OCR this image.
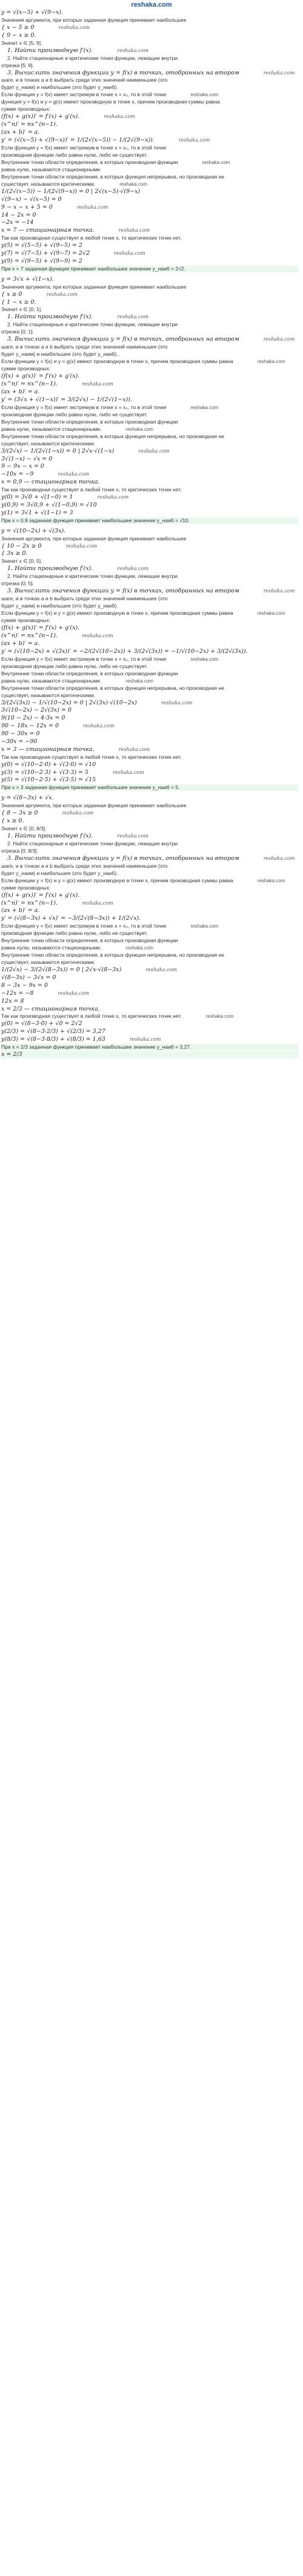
reshaka.com
y = √(x−5) + √(9−x).
Значения аргумента, при которых заданная функция принимает наибольшее
{ x − 5 ≥ 0	reshaka.com
{ 9 − x ≥ 0.
Значит x ∈ [5; 9].
1. Найти производную f′(x).	reshaka.com
2. Найти стационарные и критические точки функции, лежащие внутри
отрезка [5; 9].
3. Вычислить значения функции y = f(x) в точках, отобранных на втором	reshaka.com
шаге, и в точках a и b выбрать среди этих значений наименьшее (это
будет y_наим) и наибольшее (это будет y_наиб).
Если функция y = f(x) имеет экстремум в точке x = x₀, то в этой точке	reshaka.com
функция y = f(x) и y = g(x) имеют производную в точке x, причем производная суммы равна
сумме производных:
(f(x) + g(x))′ = f′(x) + g′(x).	reshaka.com
(x^n)′ = nx^(n−1).
(ax + b)′ = a.
y′ = (√(x−5) + √(9−x))′ = 1/(2√(x−5)) − 1/(2√(9−x)).	reshaka.com
Если функция y = f(x) имеет экстремум в точке x = x₀, то в этой точке
производная функции либо равна нулю, либо не существует.
Внутренние точки области определения, в которых производная функции	reshaka.com
равна нулю, называются стационарными.
Внутренние точки области определения, в которых функция непрерывна, но производная не
существует, называются критическими.	reshaka.com
1/(2√(x−5)) − 1/(2√(9−x)) = 0 | 2√(x−5)·√(9−x)
√(9−x) − √(x−5) = 0
9 − x − x + 5 = 0	reshaka.com
14 − 2x = 0
−2x = −14
x = 7 — стационарная точка.	reshaka.com
Так как производная существует в любой точке x, то критических точек нет.
y(5) = √(5−5) + √(9−5) = 2
y(7) = √(7−5) + √(9−7) = 2√2	reshaka.com
y(9) = √(9−5) + √(9−9) = 2
При x = 7 заданная функция принимает наибольшее значение y_наиб = 2√2.
y = 3√x + √(1−x).
Значения аргумента, при которых заданная функция принимает наибольшее
{ x ≥ 0	reshaka.com
{ 1 − x ≥ 0.
Значит x ∈ [0; 1].
1. Найти производную f′(x).	reshaka.com
2. Найти стационарные и критические точки функции, лежащие внутри
отрезка [0; 1].
3. Вычислить значения функции y = f(x) в точках, отобранных на втором	reshaka.com
шаге, и в точках a и b выбрать среди этих значений наименьшее (это
будет y_наим) и наибольшее (это будет y_наиб).
Если функции y = f(x) и y = g(x) имеют производную в точке x, причем производная суммы равна	reshaka.com
сумме производных:
(f(x) + g(x))′ = f′(x) + g′(x).
(x^n)′ = nx^(n−1).	reshaka.com
(ax + b)′ = a.
y′ = (3√x + √(1−x))′ = 3/(2√x) − 1/(2√(1−x)).
Если функция y = f(x) имеет экстремум в точке x = x₀, то в этой точке	reshaka.com
производная функции либо равна нулю, либо не существует.
Внутренние точки области определения, в которых производная функции
равна нулю, называются стационарными.	reshaka.com
Внутренние точки области определения, в которых функция непрерывна, но производная не
существует, называются критическими.
3/(2√x) − 1/(2√(1−x)) = 0 | 2√x·√(1−x)	reshaka.com
3√(1−x) − √x = 0
9 − 9x − x = 0
−10x = −9	reshaka.com
x = 0,9 — стационарная точка.
Так как производная существует в любой точке x, то критических точек нет.
y(0) = 3√0 + √(1−0) = 1	reshaka.com
y(0,9) = 3√0,9 + √(1−0,9) = √10
y(1) = 3√1 + √(1−1) = 3
При x = 0,9 заданная функция принимает наибольшее значение y_наиб = √10.
y = √(10−2x) + √(3x).
Значения аргумента, при которых заданная функция принимает наибольшее
{ 10 − 2x ≥ 0	reshaka.com
{ 3x ≥ 0.
Значит x ∈ [0; 5].
1. Найти производную f′(x).	reshaka.com
2. Найти стационарные и критические точки функции, лежащие внутри
отрезка [0; 5].
3. Вычислить значения функции y = f(x) в точках, отобранных на втором	reshaka.com
шаге, и в точках a и b выбрать среди этих значений наименьшее (это
будет y_наим) и наибольшее (это будет y_наиб).
Если функции y = f(x) и y = g(x) имеют производную в точке x, причем производная суммы равна	reshaka.com
сумме производных:
(f(x) + g(x))′ = f′(x) + g′(x).
(x^n)′ = nx^(n−1).	reshaka.com
(ax + b)′ = a.
y′ = (√(10−2x) + √(3x))′ = −2/(2√(10−2x)) + 3/(2√(3x)) = −1/√(10−2x) + 3/(2√(3x)).
Если функция y = f(x) имеет экстремум в точке x = x₀, то в этой точке	reshaka.com
производная функции либо равна нулю, либо не существует.
Внутренние точки области определения, в которых производная функции
равна нулю, называются стационарными.	reshaka.com
Внутренние точки области определения, в которых функция непрерывна, но производная не
существует, называются критическими.
3/(2√(3x)) − 1/√(10−2x) = 0 | 2√(3x)·√(10−2x)	reshaka.com
3√(10−2x) − 2√(3x) = 0
9(10 − 2x) − 4·3x = 0
90 − 18x − 12x = 0	reshaka.com
90 − 30x = 0
−30x = −90
x = 3 — стационарная точка.	reshaka.com
Так как производная существует в любой точке x, то критических точек нет.
y(0) = √(10−2·0) + √(3·0) = √10
y(3) = √(10−2·3) + √(3·3) = 5	reshaka.com
y(5) = √(10−2·5) + √(3·5) = √15
При x = 3 заданная функция принимает наибольшее значение y_наиб = 5.
y = √(8−3x) + √x.
Значения аргумента, при которых заданная функция принимает наибольшее
{ 8 − 3x ≥ 0	reshaka.com
{ x ≥ 0.
Значит x ∈ [0; 8/3].
1. Найти производную f′(x).	reshaka.com
2. Найти стационарные и критические точки функции, лежащие внутри
отрезка [0; 8/3].
3. Вычислить значения функции y = f(x) в точках, отобранных на втором	reshaka.com
шаге, и в точках a и b выбрать среди этих значений наименьшее (это
будет y_наим) и наибольшее (это будет y_наиб).
Если функции y = f(x) и y = g(x) имеют производную в точке x, причем производная суммы равна	reshaka.com
сумме производных:
(f(x) + g(x))′ = f′(x) + g′(x).
(x^n)′ = nx^(n−1).	reshaka.com
(ax + b)′ = a.
y′ = (√(8−3x) + √x)′ = −3/(2√(8−3x)) + 1/(2√x).
Если функция y = f(x) имеет экстремум в точке x = x₀, то в этой точке	reshaka.com
производная функции либо равна нулю, либо не существует.
Внутренние точки области определения, в которых производная функции
равна нулю, называются стационарными.	reshaka.com
Внутренние точки области определения, в которых функция непрерывна, но производная не
существует, называются критическими.
1/(2√x) − 3/(2√(8−3x)) = 0 | 2√x·√(8−3x)	reshaka.com
√(8−3x) − 3√x = 0
8 − 3x − 9x = 0
−12x = −8	reshaka.com
12x = 8
x = 2/3 — стационарная точка.
Так как производная существует в любой точке x, то критических точек нет.	reshaka.com
y(0) = √(8−3·0) + √0 = 2√2
y(2/3) = √(8−3·2/3) + √(2/3) = 3,27
y(8/3) = √(8−3·8/3) + √(8/3) = 1,63	reshaka.com
При x = 2/3 заданная функция принимает наибольшее значение y_наиб = 3,27.
x = 2/3
